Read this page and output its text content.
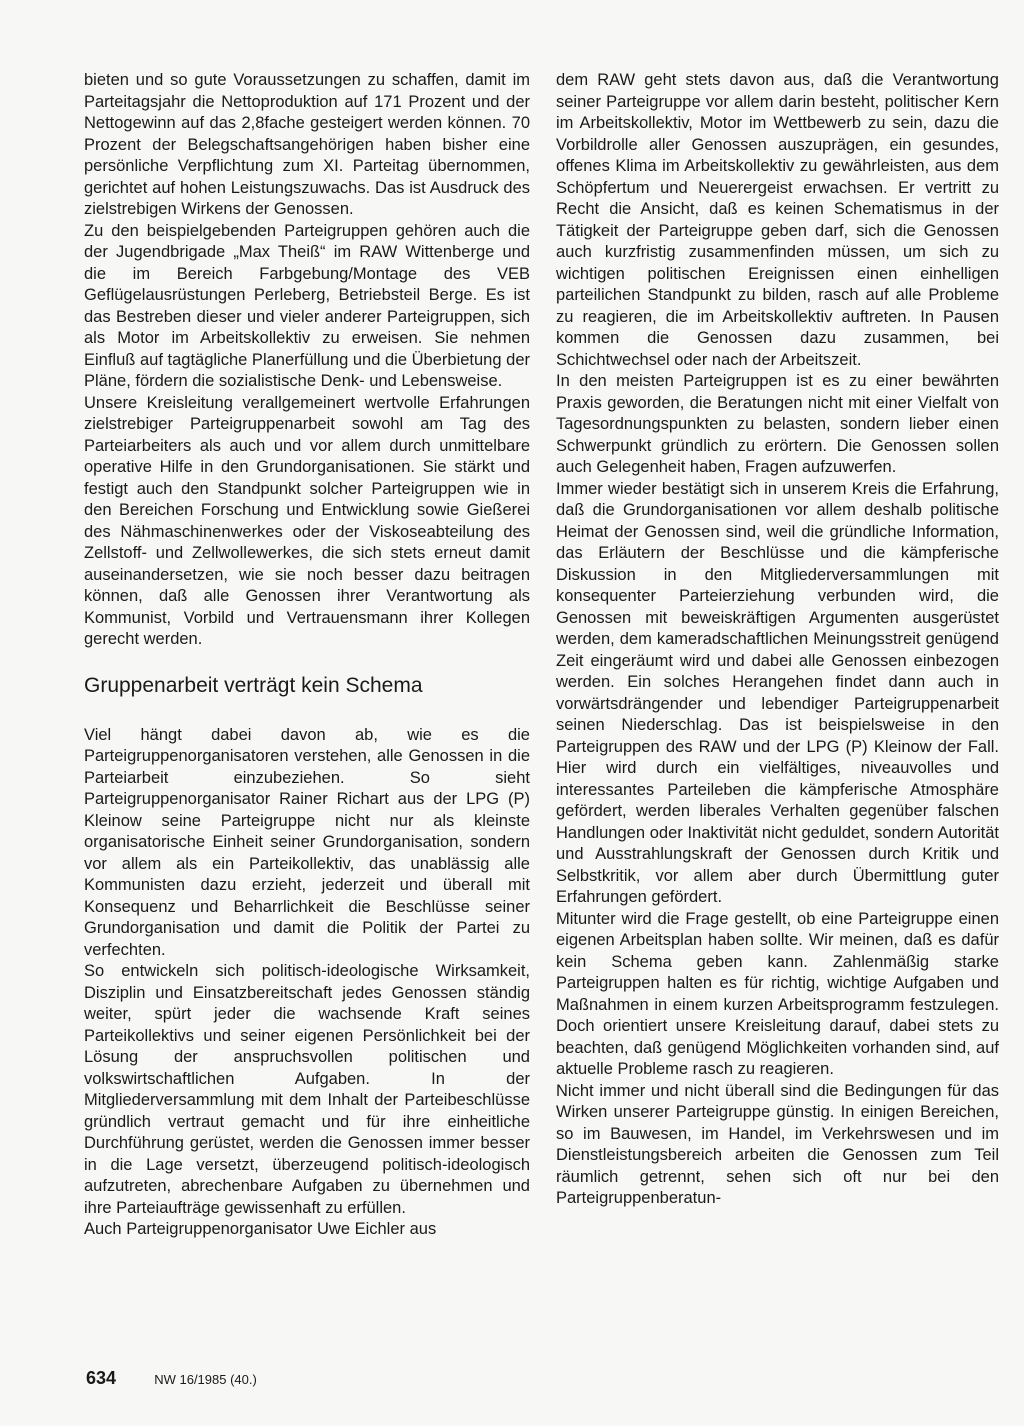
bieten und so gute Voraussetzungen zu schaffen, damit im Parteitagsjahr die Nettoproduktion auf 171 Prozent und der Nettogewinn auf das 2,8fache gesteigert werden können. 70 Prozent der Belegschaftsangehörigen haben bisher eine persönliche Verpflichtung zum XI. Parteitag übernommen, gerichtet auf hohen Leistungszuwachs. Das ist Ausdruck des zielstrebigen Wirkens der Genossen.

Zu den beispielgebenden Parteigruppen gehören auch die der Jugendbrigade „Max Theiß“ im RAW Wittenberge und die im Bereich Farbgebung/Montage des VEB Geflügelausrüstungen Perleberg, Betriebsteil Berge. Es ist das Bestreben dieser und vieler anderer Parteigruppen, sich als Motor im Arbeitskollektiv zu erweisen. Sie nehmen Einfluß auf tagtägliche Planerfüllung und die Überbietung der Pläne, fördern die sozialistische Denk- und Lebensweise.

Unsere Kreisleitung verallgemeinert wertvolle Erfahrungen zielstrebiger Parteigruppenarbeit sowohl am Tag des Parteiarbeiters als auch und vor allem durch unmittelbare operative Hilfe in den Grundorganisationen. Sie stärkt und festigt auch den Standpunkt solcher Parteigruppen wie in den Bereichen Forschung und Entwicklung sowie Gießerei des Nähmaschinenwerkes oder der Viskoseabteilung des Zellstoff- und Zellwollewerkes, die sich stets erneut damit auseinandersetzen, wie sie noch besser dazu beitragen können, daß alle Genossen ihrer Verantwortung als Kommunist, Vorbild und Vertrauensmann ihrer Kollegen gerecht werden.

Gruppenarbeit verträgt kein Schema

Viel hängt dabei davon ab, wie es die Parteigruppenorganisatoren verstehen, alle Genossen in die Parteiarbeit einzubeziehen. So sieht Parteigruppenorganisator Rainer Richart aus der LPG (P) Kleinow seine Parteigruppe nicht nur als kleinste organisatorische Einheit seiner Grundorganisation, sondern vor allem als ein Parteikollektiv, das unablässig alle Kommunisten dazu erzieht, jederzeit und überall mit Konsequenz und Beharrlichkeit die Beschlüsse seiner Grundorganisation und damit die Politik der Partei zu verfechten.

So entwickeln sich politisch-ideologische Wirksamkeit, Disziplin und Einsatzbereitschaft jedes Genossen ständig weiter, spürt jeder die wachsende Kraft seines Parteikollektivs und seiner eigenen Persönlichkeit bei der Lösung der anspruchsvollen politischen und volkswirtschaftlichen Aufgaben. In der Mitgliederversammlung mit dem Inhalt der Parteibeschlüsse gründlich vertraut gemacht und für ihre einheitliche Durchführung gerüstet, werden die Genossen immer besser in die Lage versetzt, überzeugend politisch-ideologisch aufzutreten, abrechenbare Aufgaben zu übernehmen und ihre Parteiaufträge gewissenhaft zu erfüllen.

Auch Parteigruppenorganisator Uwe Eichler aus

dem RAW geht stets davon aus, daß die Verantwortung seiner Parteigruppe vor allem darin besteht, politischer Kern im Arbeitskollektiv, Motor im Wettbewerb zu sein, dazu die Vorbildrolle aller Genossen auszuprägen, ein gesundes, offenes Klima im Arbeitskollektiv zu gewährleisten, aus dem Schöpfertum und Neuerergeist erwachsen. Er vertritt zu Recht die Ansicht, daß es keinen Schematismus in der Tätigkeit der Parteigruppe geben darf, sich die Genossen auch kurzfristig zusammenfinden müssen, um sich zu wichtigen politischen Ereignissen einen einhelligen parteilichen Standpunkt zu bilden, rasch auf alle Probleme zu reagieren, die im Arbeitskollektiv auftreten. In Pausen kommen die Genossen dazu zusammen, bei Schichtwechsel oder nach der Arbeitszeit.

In den meisten Parteigruppen ist es zu einer bewährten Praxis geworden, die Beratungen nicht mit einer Vielfalt von Tagesordnungspunkten zu belasten, sondern lieber einen Schwerpunkt gründlich zu erörtern. Die Genossen sollen auch Gelegenheit haben, Fragen aufzuwerfen.

Immer wieder bestätigt sich in unserem Kreis die Erfahrung, daß die Grundorganisationen vor allem deshalb politische Heimat der Genossen sind, weil die gründliche Information, das Erläutern der Beschlüsse und die kämpferische Diskussion in den Mitgliederversammlungen mit konsequenter Parteierziehung verbunden wird, die Genossen mit beweiskräftigen Argumenten ausgerüstet werden, dem kameradschaftlichen Meinungsstreit genügend Zeit eingeräumt wird und dabei alle Genossen einbezogen werden. Ein solches Herangehen findet dann auch in vorwärtsdrängender und lebendiger Parteigruppenarbeit seinen Niederschlag. Das ist beispielsweise in den Parteigruppen des RAW und der LPG (P) Kleinow der Fall. Hier wird durch ein vielfältiges, niveauvolles und interessantes Parteileben die kämpferische Atmosphäre gefördert, werden liberales Verhalten gegenüber falschen Handlungen oder Inaktivität nicht geduldet, sondern Autorität und Ausstrahlungskraft der Genossen durch Kritik und Selbstkritik, vor allem aber durch Übermittlung guter Erfahrungen gefördert.

Mitunter wird die Frage gestellt, ob eine Parteigruppe einen eigenen Arbeitsplan haben sollte. Wir meinen, daß es dafür kein Schema geben kann. Zahlenmäßig starke Parteigruppen halten es für richtig, wichtige Aufgaben und Maßnahmen in einem kurzen Arbeitsprogramm festzulegen. Doch orientiert unsere Kreisleitung darauf, dabei stets zu beachten, daß genügend Möglichkeiten vorhanden sind, auf aktuelle Probleme rasch zu reagieren.

Nicht immer und nicht überall sind die Bedingungen für das Wirken unserer Parteigruppe günstig. In einigen Bereichen, so im Bauwesen, im Handel, im Verkehrswesen und im Dienstleistungsbereich arbeiten die Genossen zum Teil räumlich getrennt, sehen sich oft nur bei den Parteigruppenberatun-

634	NW 16/1985 (40.)
